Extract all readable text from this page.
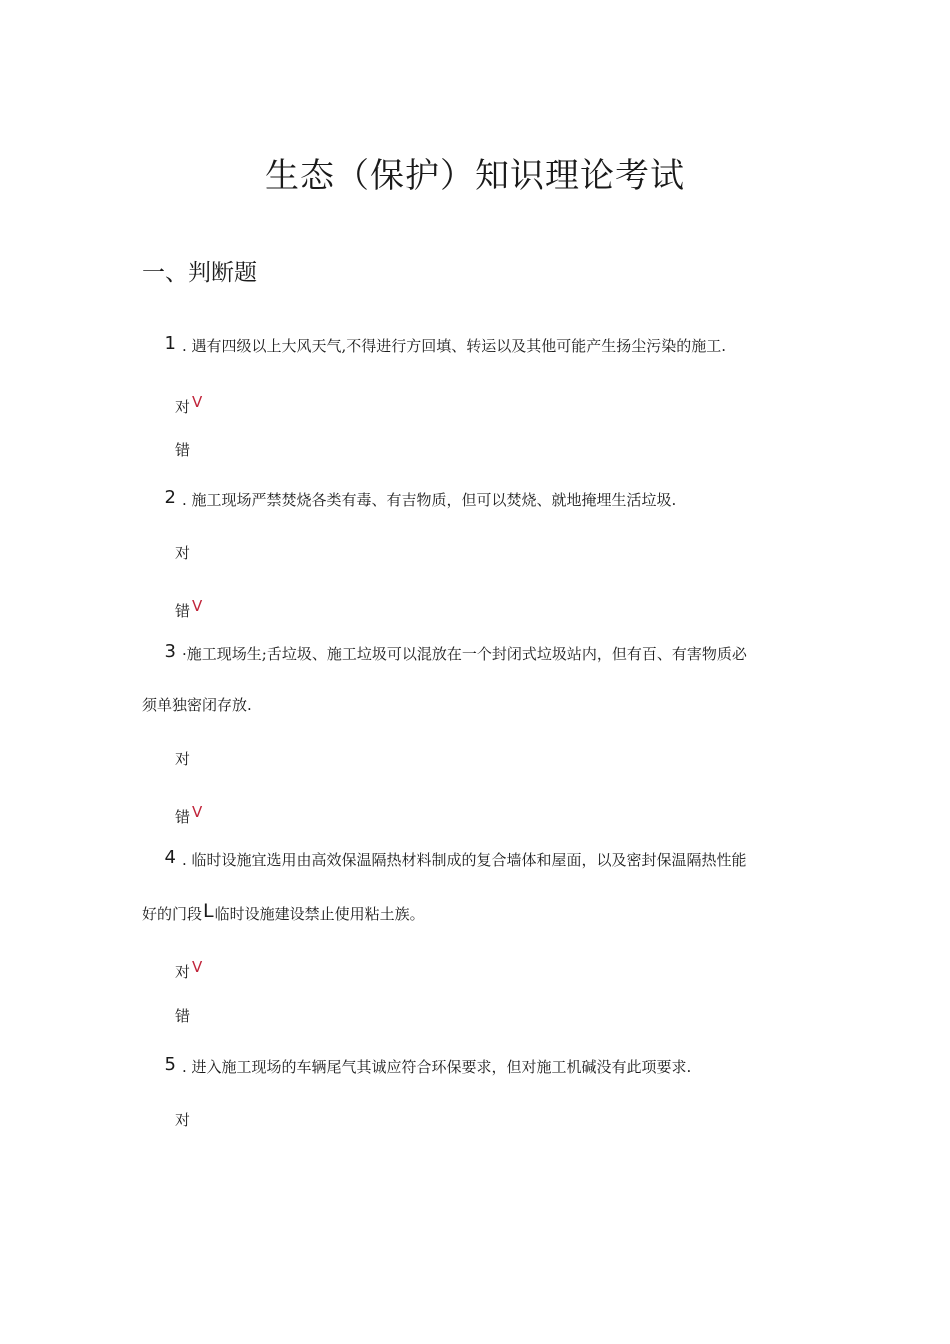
生态（保护）知识理论考试
一、判断题
1 . 遇有四级以上大风天气,不得进行方回填、转运以及其他可能产生扬尘污染的施工.
对 V
错
2 . 施工现场严禁焚烧各类有毒、有吉物质，但可以焚烧、就地掩埋生活垃圾.
对
错 V
3 ·施工现场生;舌垃圾、施工垃圾可以混放在一个封闭式垃圾站内，但有百、有害物质必
须单独密闭存放.
对
错 V
4 . 临时设施宜选用由高效保温隔热材料制成的复合墙体和屋面，以及密封保温隔热性能
好的门段L临时设施建设禁止使用粘土族。
对 V
错
5 . 进入施工现场的车辆尾气其诚应符合环保要求，但对施工机碱没有此项要求.
对
